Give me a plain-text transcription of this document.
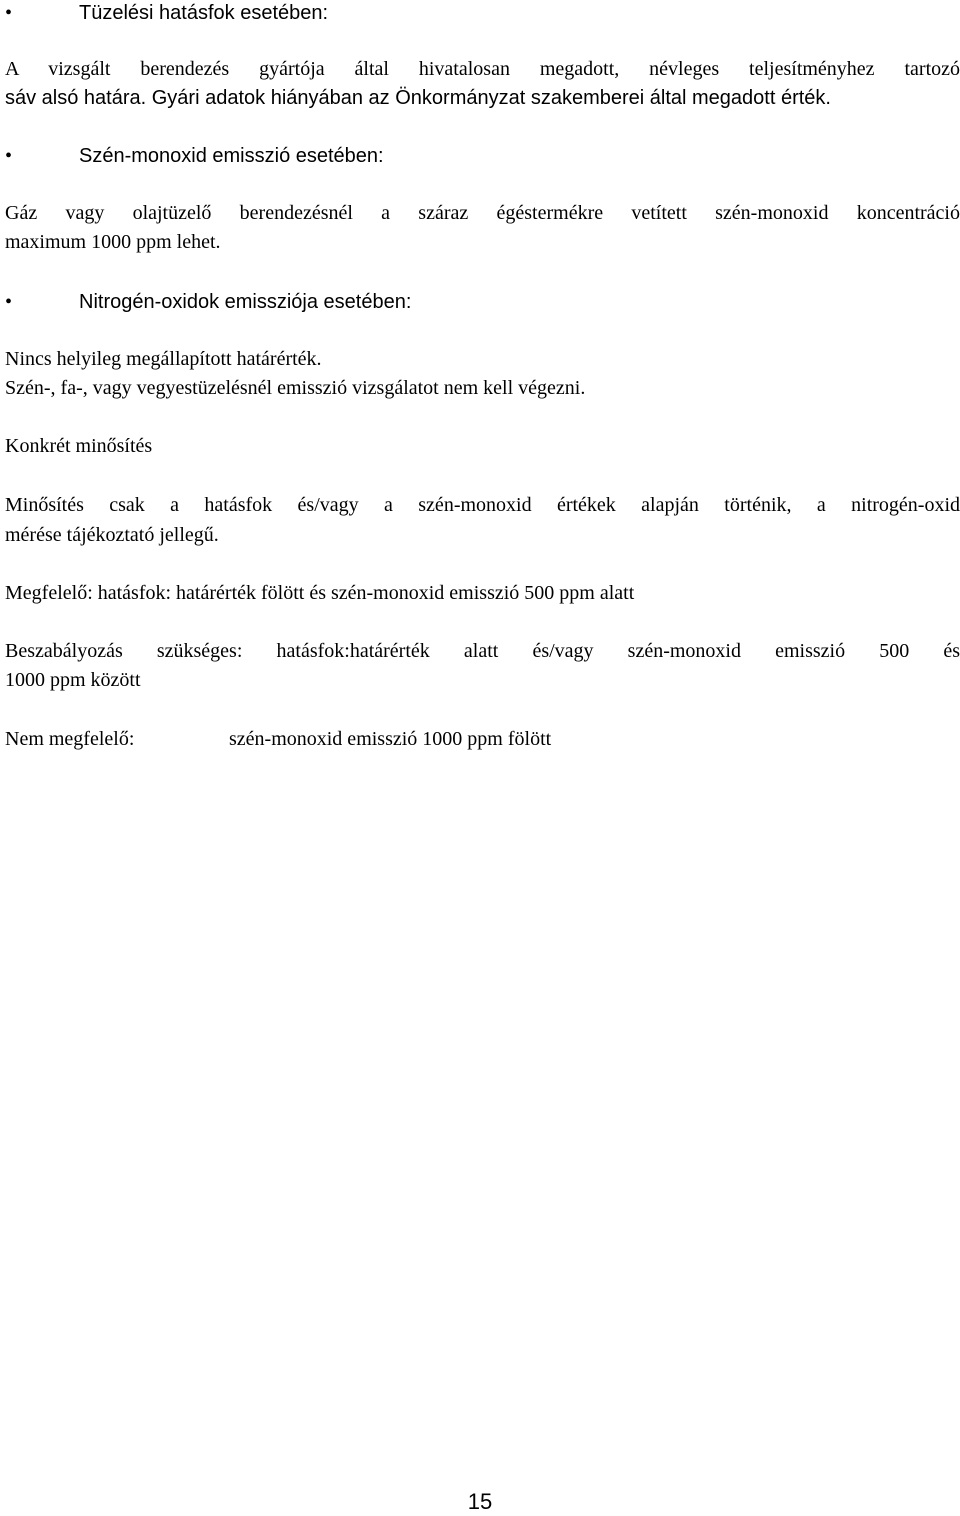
•	Tüzelési hatásfok esetében:
A vizsgált berendezés gyártója által hivatalosan megadott, névleges teljesítményhez tartozó
sáv alsó határa. Gyári adatok hiányában az Önkormányzat szakemberei által megadott érték.
•	Szén-monoxid emisszió esetében:
Gáz vagy olajtüzelő berendezésnél a száraz égéstermékre vetített szén-monoxid koncentráció
maximum 1000 ppm lehet.
•	Nitrogén-oxidok emissziója esetében:
Nincs helyileg megállapított határérték.
Szén-, fa-, vagy vegyestüzelésnél emisszió vizsgálatot nem kell végezni.
Konkrét minősítés
Minősítés csak a hatásfok és/vagy a szén-monoxid értékek alapján történik, a nitrogén-oxid
mérése tájékoztató jellegű.
Megfelelő: hatásfok: határérték fölött és szén-monoxid emisszió 500 ppm alatt
Beszabályozás szükséges: hatásfok:határérték alatt és/vagy szén-monoxid emisszió 500 és
1000 ppm között
Nem megfelelő:	szén-monoxid emisszió 1000 ppm fölött
15
